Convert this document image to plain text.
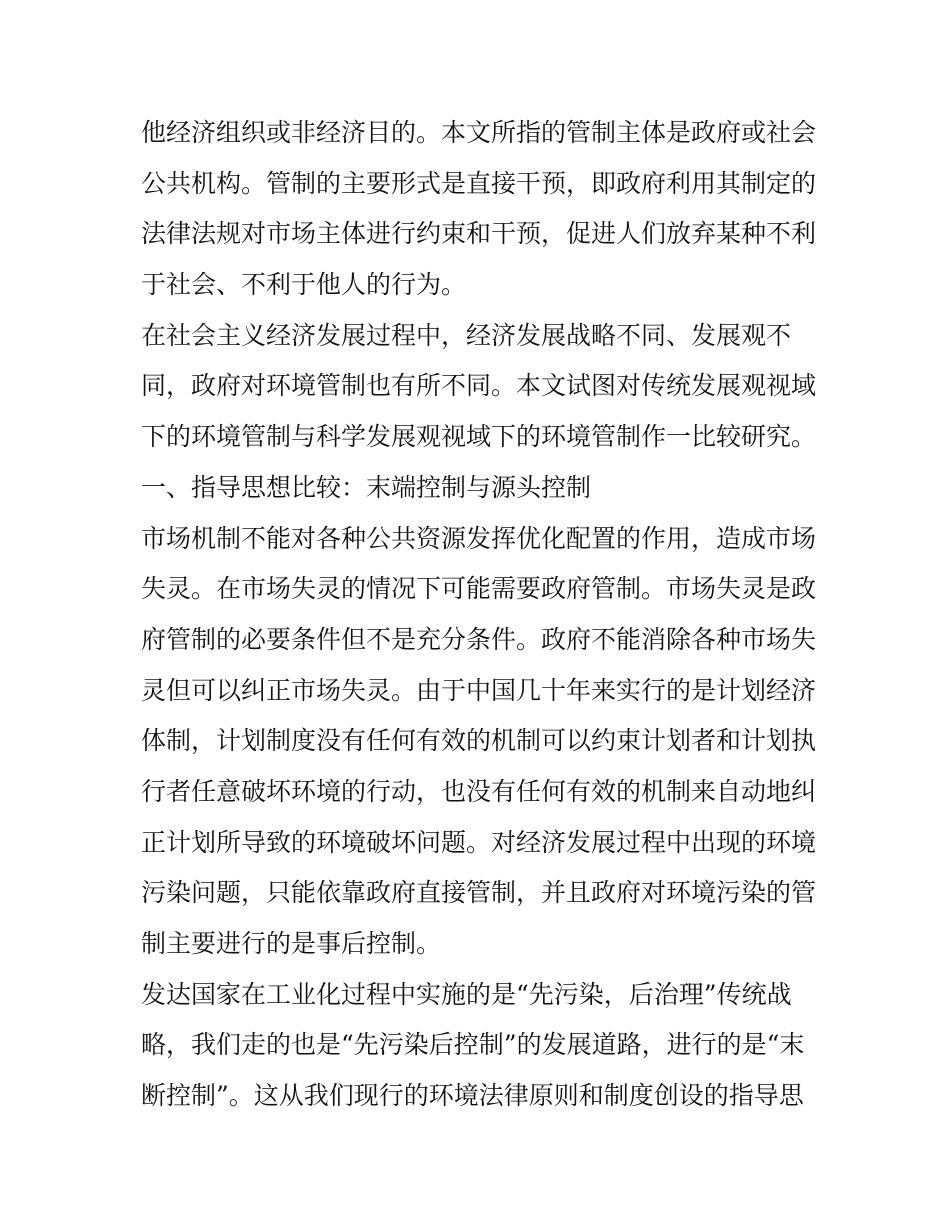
他经济组织或非经济目的。本文所指的管制主体是政府或社会
公共机构。管制的主要形式是直接干预，即政府利用其制定的
法律法规对市场主体进行约束和干预，促进人们放弃某种不利
于社会、不利于他人的行为。
在社会主义经济发展过程中，经济发展战略不同、发展观不
同，政府对环境管制也有所不同。本文试图对传统发展观视域
下的环境管制与科学发展观视域下的环境管制作一比较研究。
一、指导思想比较：末端控制与源头控制
市场机制不能对各种公共资源发挥优化配置的作用，造成市场
失灵。在市场失灵的情况下可能需要政府管制。市场失灵是政
府管制的必要条件但不是充分条件。政府不能消除各种市场失
灵但可以纠正市场失灵。由于中国几十年来实行的是计划经济
体制，计划制度没有任何有效的机制可以约束计划者和计划执
行者任意破坏环境的行动，也没有任何有效的机制来自动地纠
正计划所导致的环境破坏问题。对经济发展过程中出现的环境
污染问题，只能依靠政府直接管制，并且政府对环境污染的管
制主要进行的是事后控制。
发达国家在工业化过程中实施的是“先污染，后治理”传统战
略，我们走的也是“先污染后控制”的发展道路，进行的是“末
断控制”。这从我们现行的环境法律原则和制度创设的指导思
